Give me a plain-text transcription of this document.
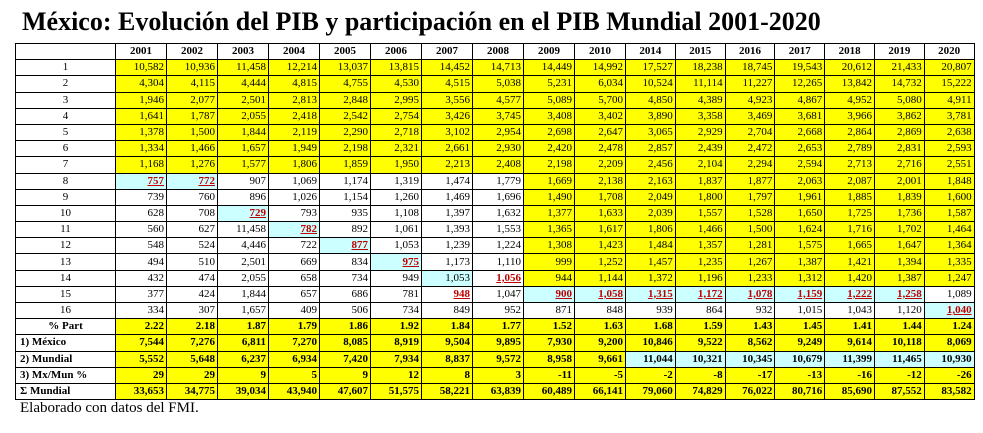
México: Evolución del PIB y participación en el PIB Mundial 2001-2020
	2001	2002	2003	2004	2005	2006	2007	2008	2009	2010	2014	2015	2016	2017	2018	2019	2020
1	10,582	10,936	11,458	12,214	13,037	13,815	14,452	14,713	14,449	14,992	17,527	18,238	18,745	19,543	20,612	21,433	20,807
2	4,304	4,115	4,444	4,815	4,755	4,530	4,515	5,038	5,231	6,034	10,524	11,114	11,227	12,265	13,842	14,732	15,222
3	1,946	2,077	2,501	2,813	2,848	2,995	3,556	4,577	5,089	5,700	4,850	4,389	4,923	4,867	4,952	5,080	4,911
4	1,641	1,787	2,055	2,418	2,542	2,754	3,426	3,745	3,408	3,402	3,890	3,358	3,469	3,681	3,966	3,862	3,781
5	1,378	1,500	1,844	2,119	2,290	2,718	3,102	2,954	2,698	2,647	3,065	2,929	2,704	2,668	2,864	2,869	2,638
6	1,334	1,466	1,657	1,949	2,198	2,321	2,661	2,930	2,420	2,478	2,857	2,439	2,472	2,653	2,789	2,831	2,593
7	1,168	1,276	1,577	1,806	1,859	1,950	2,213	2,408	2,198	2,209	2,456	2,104	2,294	2,594	2,713	2,716	2,551
8	757	772	907	1,069	1,174	1,319	1,474	1,779	1,669	2,138	2,163	1,837	1,877	2,063	2,087	2,001	1,848
9	739	760	896	1,026	1,154	1,260	1,469	1,696	1,490	1,708	2,049	1,800	1,797	1,961	1,885	1,839	1,600
10	628	708	729	793	935	1,108	1,397	1,632	1,377	1,633	2,039	1,557	1,528	1,650	1,725	1,736	1,587
11	560	627	11,458	782	892	1,061	1,393	1,553	1,365	1,617	1,806	1,466	1,500	1,624	1,716	1,702	1,464
12	548	524	4,446	722	877	1,053	1,239	1,224	1,308	1,423	1,484	1,357	1,281	1,575	1,665	1,647	1,364
13	494	510	2,501	669	834	975	1,173	1,110	999	1,252	1,457	1,235	1,267	1,387	1,421	1,394	1,335
14	432	474	2,055	658	734	949	1,053	1,056	944	1,144	1,372	1,196	1,233	1,312	1,420	1,387	1,247
15	377	424	1,844	657	686	781	948	1,047	900	1,058	1,315	1,172	1,078	1,159	1,222	1,258	1,089
16	334	307	1,657	409	506	734	849	952	871	848	939	864	932	1,015	1,043	1,120	1,040
% Part	2.22	2.18	1.87	1.79	1.86	1.92	1.84	1.77	1.52	1.63	1.68	1.59	1.43	1.45	1.41	1.44	1.24
1) México	7,544	7,276	6,811	7,270	8,085	8,919	9,504	9,895	7,930	9,200	10,846	9,522	8,562	9,249	9,614	10,118	8,069
2) Mundial	5,552	5,648	6,237	6,934	7,420	7,934	8,837	9,572	8,958	9,661	11,044	10,321	10,345	10,679	11,399	11,465	10,930
3) Mx/Mun %	29	29	9	5	9	12	8	3	-11	-5	-2	-8	-17	-13	-16	-12	-26
Σ Mundial	33,653	34,775	39,034	43,940	47,607	51,575	58,221	63,839	60,489	66,141	79,060	74,829	76,022	80,716	85,690	87,552	83,582
Elaborado con datos del FMI.
